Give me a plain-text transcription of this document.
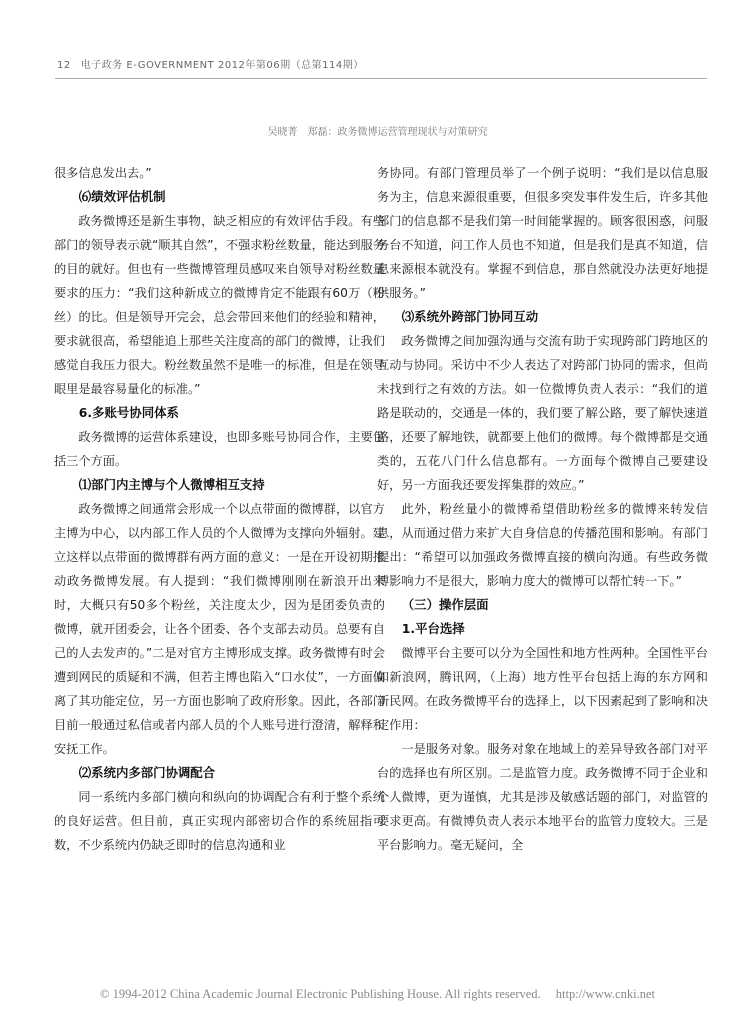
12 电子政务 E-GOVERNMENT 2012年第06期（总第114期）
吴晓菁　郑磊：政务微博运营管理现状与对策研究

很多信息发出去。”

⑹绩效评估机制

政务微博还是新生事物，缺乏相应的有效评估手段。有些部门的领导表示就“顺其自然”，不强求粉丝数量，能达到服务的目的就好。但也有一些微博管理员感叹来自领导对粉丝数量要求的压力：“我们这种新成立的微博肯定不能跟有60万（粉丝）的比。但是领导开完会，总会带回来他们的经验和精神，要求就很高，希望能追上那些关注度高的部门的微博，让我们感觉自我压力很大。粉丝数虽然不是唯一的标准，但是在领导眼里是最容易量化的标准。”

6.多账号协同体系

政务微博的运营体系建设，也即多账号协同合作，主要包括三个方面。

⑴部门内主博与个人微博相互支持

政务微博之间通常会形成一个以点带面的微博群，以官方主博为中心，以内部工作人员的个人微博为支撑向外辐射。建立这样以点带面的微博群有两方面的意义：一是在开设初期推动政务微博发展。有人提到：“我们微博刚刚在新浪开出来时，大概只有50多个粉丝，关注度太少，因为是团委负责的微博，就开团委会，让各个团委、各个支部去动员。总要有自己的人去发声的。”二是对官方主博形成支撑。政务微博有时会遭到网民的质疑和不满，但若主博也陷入“口水仗”，一方面偏离了其功能定位，另一方面也影响了政府形象。因此，各部门目前一般通过私信或者内部人员的个人账号进行澄清，解释和安抚工作。

⑵系统内多部门协调配合

同一系统内多部门横向和纵向的协调配合有利于整个系统的良好运营。但目前，真正实现内部密切合作的系统屈指可数，不少系统内仍缺乏即时的信息沟通和业

务协同。有部门管理员举了一个例子说明：“我们是以信息服务为主，信息来源很重要，但很多突发事件发生后，许多其他部门的信息都不是我们第一时间能掌握的。顾客很困惑，问服务台不知道，问工作人员也不知道，但是我们是真不知道，信息来源根本就没有。掌握不到信息，那自然就没办法更好地提供服务。”

⑶系统外跨部门协同互动

政务微博之间加强沟通与交流有助于实现跨部门跨地区的互动与协同。采访中不少人表达了对跨部门协同的需求，但尚未找到行之有效的方法。如一位微博负责人表示：“我们的道路是联动的，交通是一体的，我们要了解公路，要了解快速道路，还要了解地铁，就都要上他们的微博。每个微博都是交通类的，五花八门什么信息都有。一方面每个微博自己要建设好，另一方面我还要发挥集群的效应。”

此外，粉丝量小的微博希望借助粉丝多的微博来转发信息，从而通过借力来扩大自身信息的传播范围和影响。有部门提出：“希望可以加强政务微博直接的横向沟通。有些政务微博影响力不是很大，影响力度大的微博可以帮忙转一下。”

（三）操作层面
1.平台选择

微博平台主要可以分为全国性和地方性两种。全国性平台如新浪网，腾讯网，（上海）地方性平台包括上海的东方网和新民网。在政务微博平台的选择上，以下因素起到了影响和决定作用：

一是服务对象。服务对象在地域上的差异导致各部门对平台的选择也有所区别。二是监管力度。政务微博不同于企业和个人微博，更为谨慎，尤其是涉及敏感话题的部门，对监管的要求更高。有微博负责人表示本地平台的监管力度较大。三是平台影响力。毫无疑问，全

© 1994-2012 China Academic Journal Electronic Publishing House. All rights reserved. http://www.cnki.net
